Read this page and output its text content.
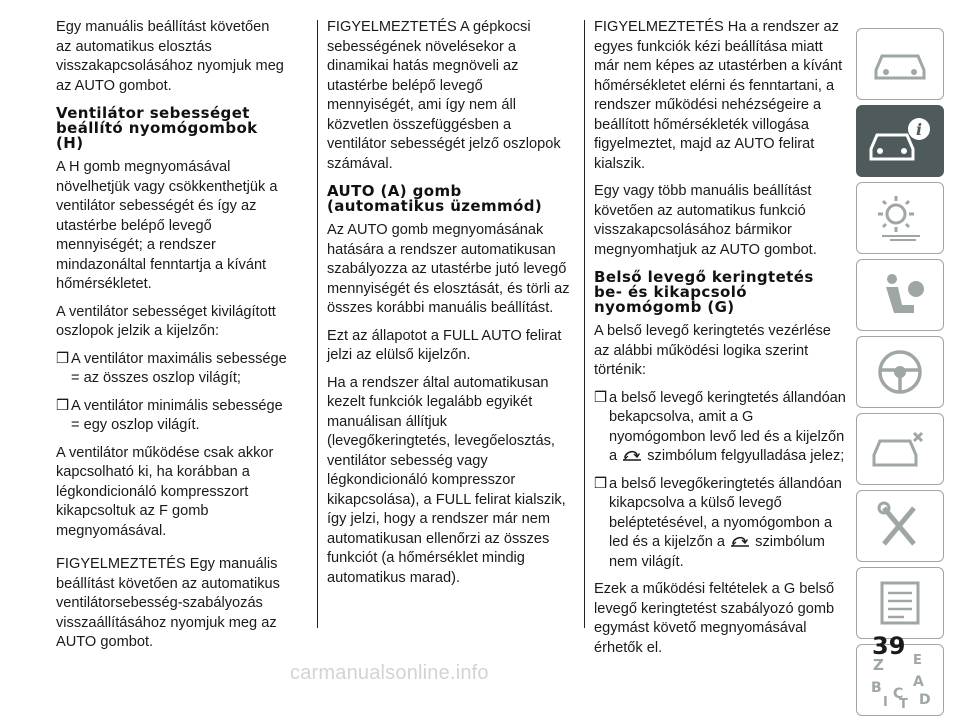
Egy manuális beállítást követően az automatikus elosztás visszakapcsolásához nyomjuk meg az AUTO gombot.

Ventilátor sebességet beállító nyomógombok (H)

A H gomb megnyomásával növelhetjük vagy csökkenthetjük a ventilátor sebességét és így az utastérbe belépő levegő mennyiségét; a rendszer mindazonáltal fenntartja a kívánt hőmérsékletet.

A ventilátor sebességet kivilágított oszlopok jelzik a kijelzőn:

❒ A ventilátor maximális sebessége = az összes oszlop világít;
❒ A ventilátor minimális sebessége = egy oszlop világít.

A ventilátor működése csak akkor kapcsolható ki, ha korábban a légkondicionáló kompresszort kikapcsoltuk az F gomb megnyomásával.

FIGYELMEZTETÉS Egy manuális beállítást követően az automatikus ventilátorsebesség-szabályozás visszaállításához nyomjuk meg az AUTO gombot.

FIGYELMEZTETÉS A gépkocsi sebességének növelésekor a dinamikai hatás megnöveli az utastérbe belépő levegő mennyiségét, ami így nem áll közvetlen összefüggésben a ventilátor sebességét jelző oszlopok számával.

AUTO (A) gomb (automatikus üzemmód)

Az AUTO gomb megnyomásának hatására a rendszer automatikusan szabályozza az utastérbe jutó levegő mennyiségét és elosztását, és törli az összes korábbi manuális beállítást.

Ezt az állapotot a FULL AUTO felirat jelzi az elülső kijelzőn.

Ha a rendszer által automatikusan kezelt funkciók legalább egyikét manuálisan állítjuk (levegőkeringtetés, levegőelosztás, ventilátor sebesség vagy légkondicionáló kompresszor kikapcsolása), a FULL felirat kialszik, így jelzi, hogy a rendszer már nem automatikusan ellenőrzi az összes funkciót (a hőmérséklet mindig automatikus marad).

FIGYELMEZTETÉS Ha a rendszer az egyes funkciók kézi beállítása miatt már nem képes az utastérben a kívánt hőmérsékletet elérni és fenntartani, a rendszer működési nehézségeire a beállított hőmérsékleték villogása figyelmeztet, majd az AUTO felirat kialszik.

Egy vagy több manuális beállítást követően az automatikus funkció visszakapcsolásához bármikor megnyomhatjuk az AUTO gombot.

Belső levegő keringtetés be- és kikapcsoló nyomógomb (G)

A belső levegő keringtetés vezérlése az alábbi működési logika szerint történik:

❒ a belső levegő keringtetés állandóan bekapcsolva, amit a G nyomógombon levő led és a kijelzőn a szimbólum felgyulladása jelez;
❒ a belső levegőkeringtetés állandóan kikapcsolva a külső levegő beléptetésével, a nyomógombon a led és a kijelzőn a szimbólum nem világít.

Ezek a működési feltételek a G belső levegő keringtetést szabályozó gomb egymást követő megnyomásával érhetők el.

i
Z E
B A
I
C
T D
39
carmanualsonline.info
